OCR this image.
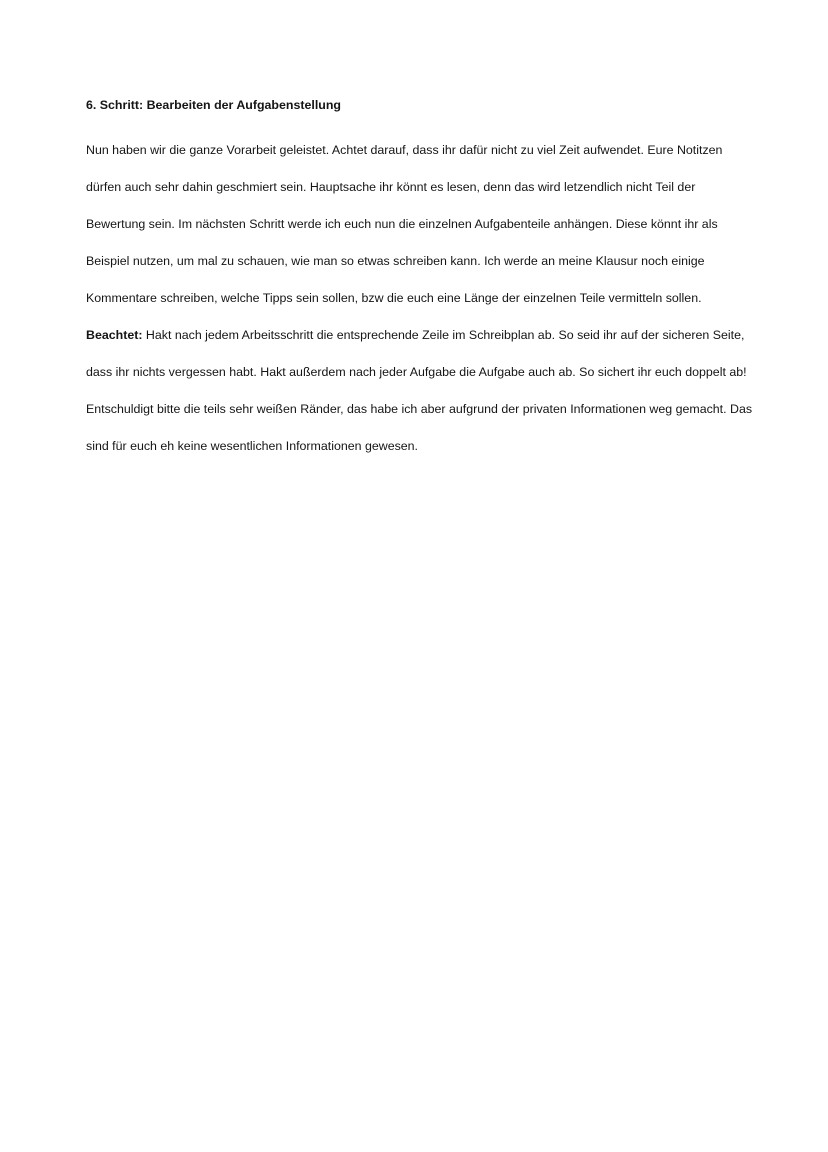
6. Schritt: Bearbeiten der Aufgabenstellung

Nun haben wir die ganze Vorarbeit geleistet. Achtet darauf, dass ihr dafür nicht zu viel Zeit aufwendet. Eure Notitzen dürfen auch sehr dahin geschmiert sein. Hauptsache ihr könnt es lesen, denn das wird letzendlich nicht Teil der Bewertung sein. Im nächsten Schritt werde ich euch nun die einzelnen Aufgabenteile anhängen. Diese könnt ihr als Beispiel nutzen, um mal zu schauen, wie man so etwas schreiben kann. Ich werde an meine Klausur noch einige Kommentare schreiben, welche Tipps sein sollen, bzw die euch eine Länge der einzelnen Teile vermitteln sollen.

Beachtet: Hakt nach jedem Arbeitsschritt die entsprechende Zeile im Schreibplan ab. So seid ihr auf der sicheren Seite, dass ihr nichts vergessen habt. Hakt außerdem nach jeder Aufgabe die Aufgabe auch ab. So sichert ihr euch doppelt ab!

Entschuldigt bitte die teils sehr weißen Ränder, das habe ich aber aufgrund der privaten Informationen weg gemacht. Das sind für euch eh keine wesentlichen Informationen gewesen.
